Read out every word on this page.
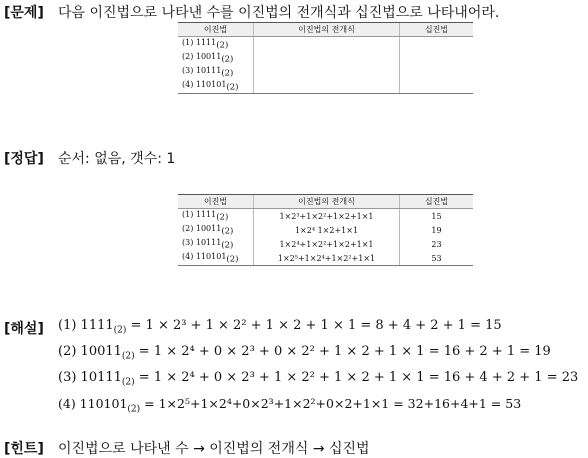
[문제] 다음 이진법으로 나타낸 수를 이진법의 전개식과 십진법으로 나타내어라.
이진법	이진법의 전개식	십진법
(1) $1111_{(2)}$		
(2) $10011_{(2)}$		
(3) $10111_{(2)}$		
(4) $110101_{(2)}$		
[정답] 순서: 없음, 갯수: 1
이진법	이진법의 전개식	십진법
(1) $1111_{(2)}$	1×2³+1×2²+1×2+1×1	15
(2) $10011_{(2)}$	1×2⁴ 1×2+1×1	19
(3) $10111_{(2)}$	1×2⁴+1×2²+1×2+1×1	23
(4) $110101_{(2)}$	1×2⁵+1×2⁴+1×2²+1×1	53
[해설] (1) $1111_{(2)} = 1 \times 2^3 + 1 \times 2^2 + 1 \times 2 + 1 \times 1 = 8 + 4 + 2 + 1 = 15$
(2) $10011_{(2)} = 1 \times 2^4 + 0 \times 2^3 + 0 \times 2^2 + 1 \times 2 + 1 \times 1 = 16 + 2 + 1 = 19$
(3) $10111_{(2)} = 1 \times 2^4 + 0 \times 2^3 + 1 \times 2^2 + 1 \times 2 + 1 \times 1 = 16 + 4 + 2 + 1 = 23$
(4) $110101_{(2)} = 1\times 2^5+1\times 2^4+0\times 2^3+1\times 2^2+0\times 2+1\times 1 = 32+16+4+1 = 53$
[힌트] 이진법으로 나타낸 수 → 이진법의 전개식 → 십진법
